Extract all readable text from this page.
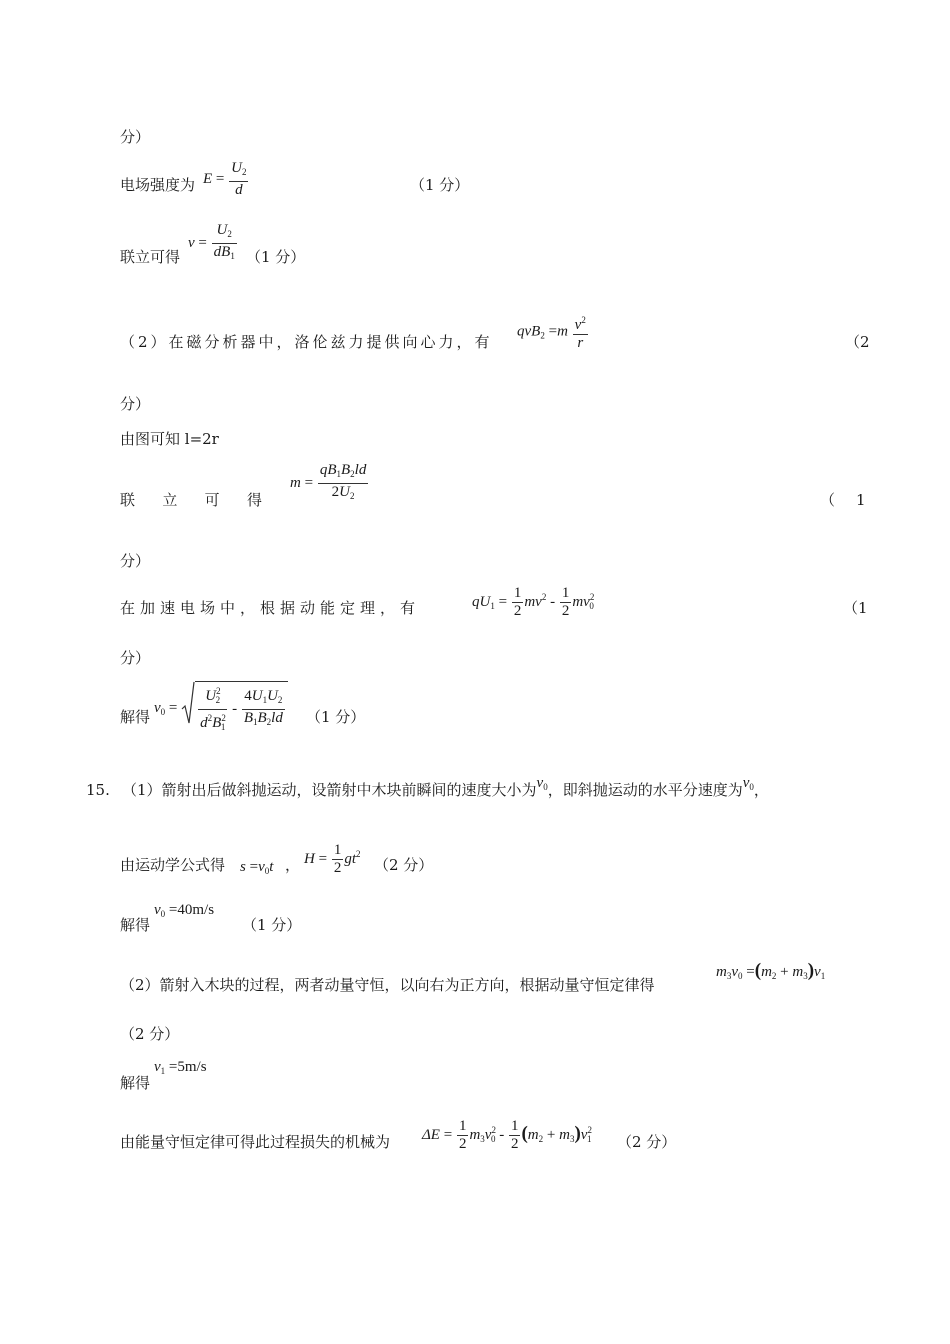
分）
电场强度为 $E = \frac{U_2}{d}$	（1 分）
联立可得
$v = \frac{U_2}{dB_1} (1$ 分）
（2）在磁分析器中，洛伦兹力提供向心力，有
$qvB_2 =m \frac{v^2}{r}$	（2
分）
由图可知 l=2r
联 立 可 得
$m = \frac{qB_1B_2ld}{2U_2}$	（ 1
分）
在加速电场中，根据动能定理，有	$qU_1 = \frac{1}{2} mv^2 - \frac{1}{2} mv^2_0$	（1
分）
解得
$v_0 = \frac{U^2_2}{d^2B^2_1} - \frac{4U_1U_2}{B_1B_2ld} (1$ 分）
15. （1）箭射出后做斜抛运动，设箭射中木块前瞬间的速度大小为$v_0$，即斜抛运动的水平分速度为$v_0$，
由运动学公式得 $s =v_0t$ ， $H = \frac{1}{2} gt^2$
（2 分）
解得
$v_0 =40m/s$
（1 分）
（2）箭射入木块的过程，两者动量守恒，以向右为正方向，根据动量守恒定律得
$m_3v_0 =(m_2 + m_3)v_1$
（2 分）
解得
$v_1 =5m/s$
由能量守恒定律可得此过程损失的机械为 $\Delta E = \frac{1}{2} m_3v^2_0 - \frac{1}{2} (m_2 + m_3)v^2_1$ （2 分）
